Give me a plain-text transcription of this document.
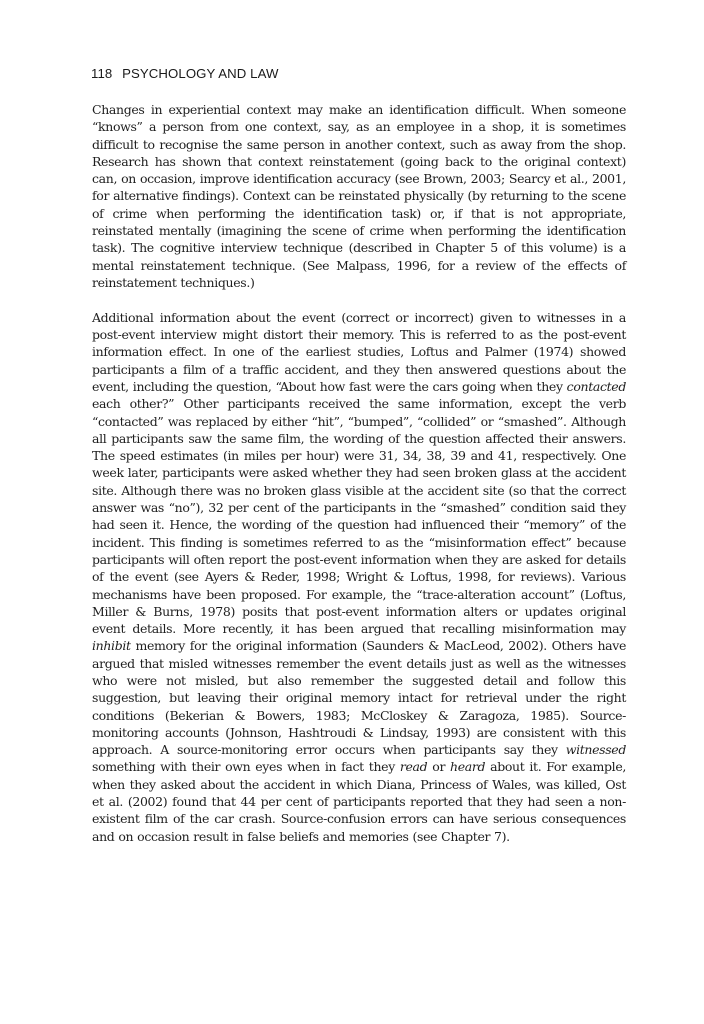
118 PSYCHOLOGY AND LAW

Changes in experiential context may make an identification difficult. When someone “knows” a person from one context, say, as an employee in a shop, it is sometimes difficult to recognise the same person in another context, such as away from the shop. Research has shown that context reinstatement (going back to the original context) can, on occasion, improve identification accuracy (see Brown, 2003; Searcy et al., 2001, for alternative findings). Context can be reinstated physically (by returning to the scene of crime when performing the identification task) or, if that is not appropriate, reinstated mentally (imagining the scene of crime when performing the identification task). The cognitive interview technique (described in Chapter 5 of this volume) is a mental reinstatement technique. (See Malpass, 1996, for a review of the effects of reinstatement techniques.)

Additional information about the event (correct or incorrect) given to witnesses in a post-event interview might distort their memory. This is referred to as the post-event information effect. In one of the earliest studies, Loftus and Palmer (1974) showed participants a film of a traffic accident, and they then answered questions about the event, including the question, “About how fast were the cars going when they contacted each other?” Other participants received the same information, except the verb “contacted” was replaced by either “hit”, “bumped”, “collided” or “smashed”. Although all participants saw the same film, the wording of the question affected their answers. The speed estimates (in miles per hour) were 31, 34, 38, 39 and 41, respectively. One week later, participants were asked whether they had seen broken glass at the accident site. Although there was no broken glass visible at the accident site (so that the correct answer was “no”), 32 per cent of the participants in the “smashed” condition said they had seen it. Hence, the wording of the question had influenced their “memory” of the incident. This finding is sometimes referred to as the “misinformation effect” because participants will often report the post-event information when they are asked for details of the event (see Ayers & Reder, 1998; Wright & Loftus, 1998, for reviews). Various mechanisms have been proposed. For example, the “trace-alteration account” (Loftus, Miller & Burns, 1978) posits that post-event information alters or updates original event details. More recently, it has been argued that recalling misinformation may inhibit memory for the original information (Saunders & MacLeod, 2002). Others have argued that misled witnesses remember the event details just as well as the witnesses who were not misled, but also remember the suggested detail and follow this suggestion, but leaving their original memory intact for retrieval under the right conditions (Bekerian & Bowers, 1983; McCloskey & Zaragoza, 1985). Source-monitoring accounts (Johnson, Hashtroudi & Lindsay, 1993) are consistent with this approach. A source-monitoring error occurs when participants say they witnessed something with their own eyes when in fact they read or heard about it. For example, when they asked about the accident in which Diana, Princess of Wales, was killed, Ost et al. (2002) found that 44 per cent of participants reported that they had seen a non-existent film of the car crash. Source-confusion errors can have serious consequences and on occasion result in false beliefs and memories (see Chapter 7).
